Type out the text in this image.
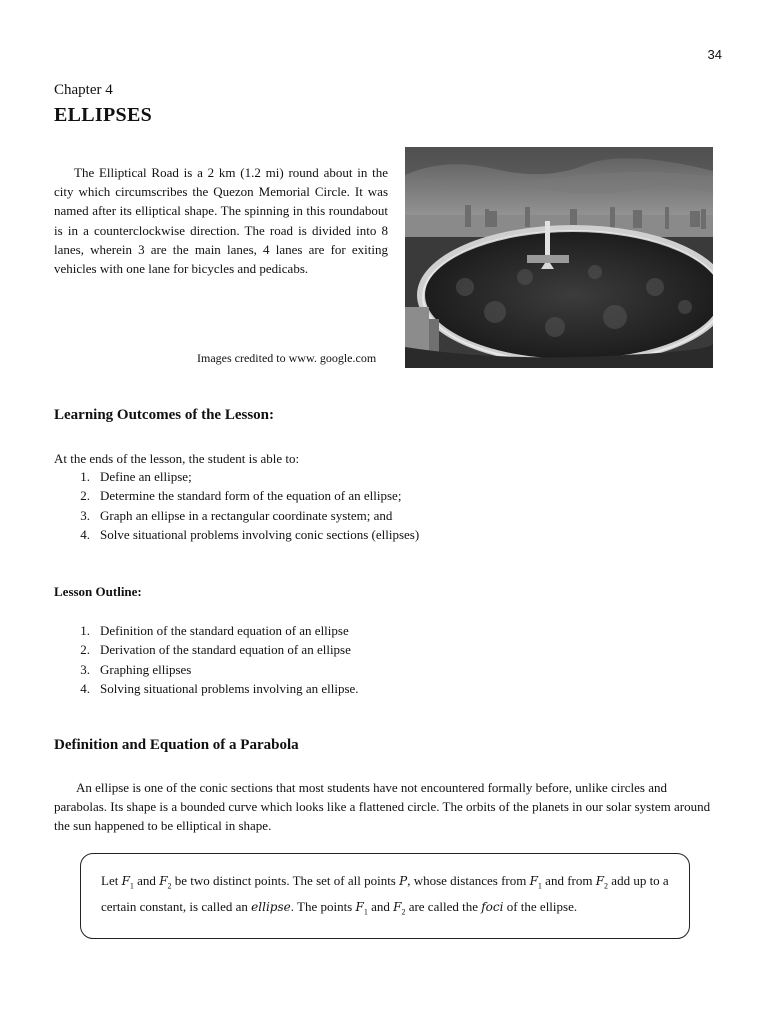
34
Chapter 4
ELLIPSES

The Elliptical Road is a 2 km (1.2 mi) round about in the city which circumscribes the Quezon Memorial Circle. It was named after its elliptical shape. The spinning in this roundabout is in a counterclockwise direction. The road is divided into 8 lanes, wherein 3 are the main lanes, 4 lanes are for exiting vehicles with one lane for bicycles and pedicabs.

Images credited to www. google.com
Learning Outcomes of the Lesson:
At the ends of the lesson, the student is able to:
1. Define an ellipse;
2. Determine the standard form of the equation of an ellipse;
3. Graph an ellipse in a rectangular coordinate system; and
4. Solve situational problems involving conic sections (ellipses)
Lesson Outline:
1. Definition of the standard equation of an ellipse
2. Derivation of the standard equation of an ellipse
3. Graphing ellipses
4. Solving situational problems involving an ellipse.
Definition and Equation of a Parabola

An ellipse is one of the conic sections that most students have not encountered formally before, unlike circles and parabolas. Its shape is a bounded curve which looks like a flattened circle. The orbits of the planets in our solar system around the sun happened to be elliptical in shape.

Let $F_1$ and $F_2$ be two distinct points. The set of all points P, whose distances from $F_1$ and from $F_2$ add up to a certain constant, is called an ellipse. The points $F_1$ and $F_2$ are called the foci of the ellipse.
